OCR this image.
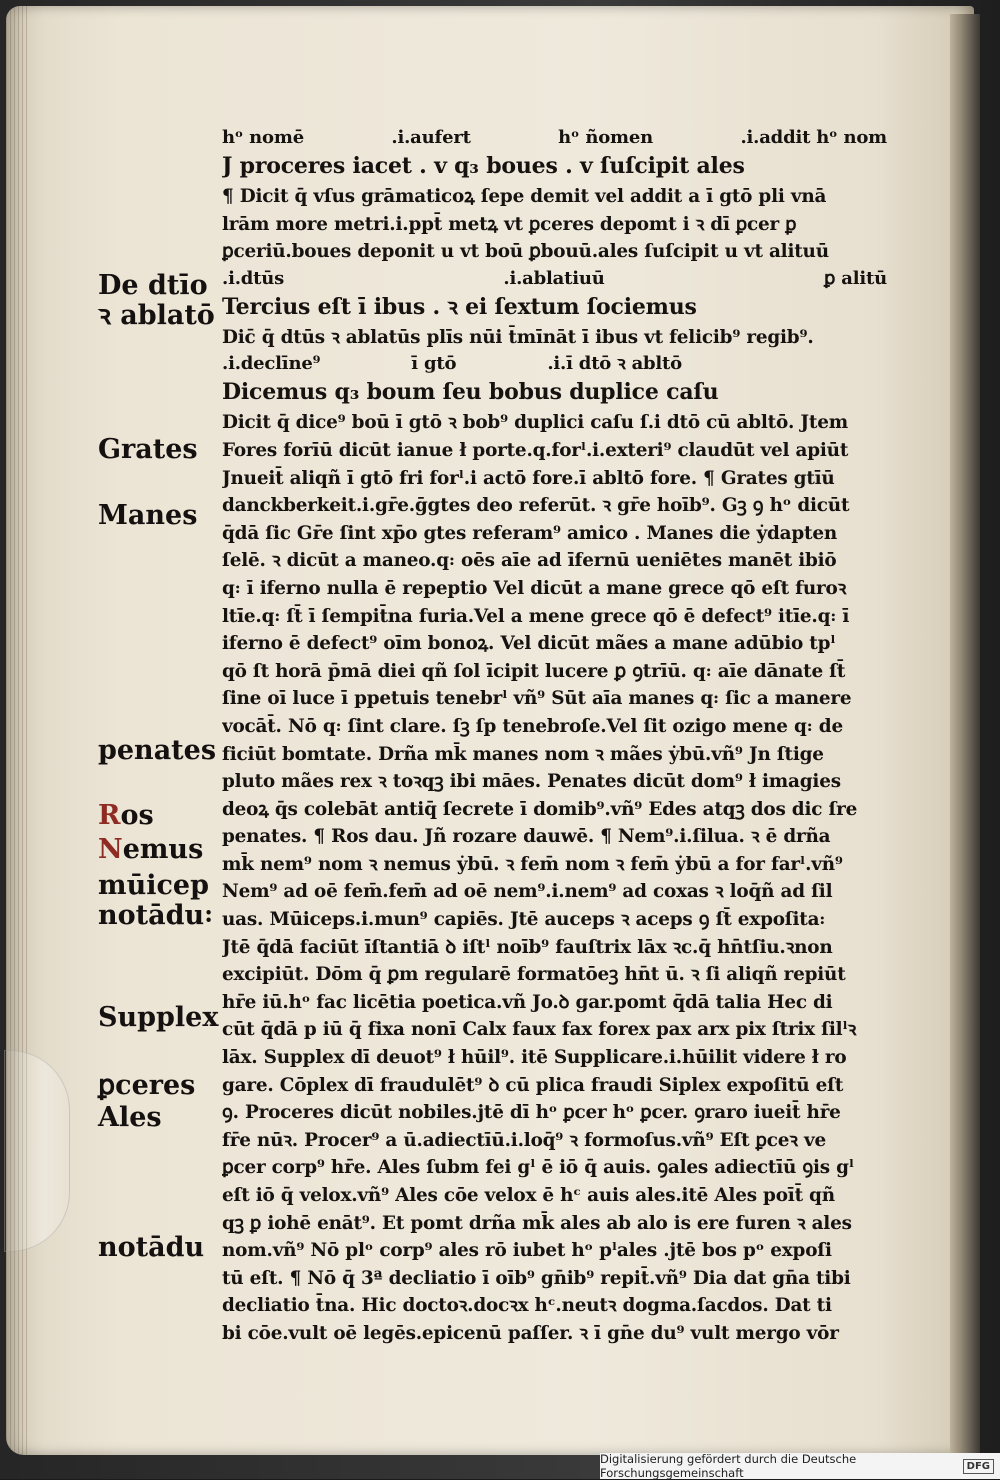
hᵒ nomē	.i.aufert	hᵒ ñomen	.i.addit hᵒ nom
J proceres iacet . v q₃ boues . v ſuſcipit ales
¶ Dicit q̄ vſus grāmaticoꝝ ſepe demit vel addit a ī gtō pli vnā
lrām more metri.i.ppt̄ metꝝ vt ꝑceres depomt i ꝛ dī ꝑcer ꝑ
ꝑceriū.boues deponit u vt boū ꝑbouū.ales ſuſcipit u vt alituū
.i.dtūs	.i.ablatiuū	ꝑ alitū
Tercius eſt ī ibus . ꝛ ei ſextum ſociemus
Dic̄ q̄ dtūs ꝛ ablatūs plīs nūi t̄mīnāt ī ibus vt felicib⁹ regib⁹.
.i.declīne⁹	ī gtō	.i.ī dtō ꝛ abltō
Dicemus q₃ boum ſeu bobus duplice caſu
Dicit q̄ dice⁹ boū ī gtō ꝛ bob⁹ duplici caſu ſ.i dtō cū abltō. Jtem
Fores forīū dicūt ianue ł porte.q.forˡ.i.exteri⁹ claudūt vel apiūt
Jnueit̄ aliqñ ī gtō fri forˡ.i actō fore.ī abltō fore. ¶ Grates gtīū
danckberkeit.i.gr̄e.ḡgtes deo referūt. ꝛ gr̄e hoīb⁹. Gꝫ ꝯ hᵒ dicūt
q̄dā ſic Gr̄e ſint xp̄o gtes referam⁹ amico . Manes die ẏdapten
ſelē. ꝛ dicūt a maneo.q꞉ oēs aīe ad īfernū ueniētes manēt ibiō
q꞉ ī iferno nulla ē repeptio Vel dicūt a mane grece qō eſt furoꝛ
ltīe.q꞉ ſt̄ ī ſempit̄na furia.Vel a mene grece qō ē defect⁹ itīe.q꞉ ī
iferno ē defect⁹ oīm bonoꝝ. Vel dicūt mães a mane adūbio tpˡ
qō ſt horā p̄mā diei qñ ſol īcipit lucere ꝑ ꝯtrīū. q꞉ aīe dānate ſt̄
ſine oī luce ī ppetuis tenebrˡ vñ⁹ Sūt aīa manes q꞉ ſic a manere
vocāt̄. Nō q꞉ ſint clare. ſꝫ ſp tenebroſe.Vel ſit ozigo mene q꞉ de
ficiūt bomtate. Drña mk̄ manes nom ꝛ mães ẏbū.vñ⁹ Jn ſtige
pluto mães rex ꝛ toꝛqꝫ ibi māes. Penates dicūt dom⁹ ł imagies
deoꝝ q̄s colebāt antiq̄ ſecrete ī domib⁹.vñ⁹ Edes atqꝫ dos dic ſre
penates. ¶ Ros dau. Jñ rozare dauwē. ¶ Nem⁹.i.ſilua. ꝛ ē drña
mk̄ nem⁹ nom ꝛ nemus ẏbū. ꝛ fem̄ nom ꝛ fem̄ ẏbū a for farˡ.vñ⁹
Nem⁹ ad oē fem̄.fem̄ ad oē nem⁹.i.nem⁹ ad coxas ꝛ loq̄ñ ad ſil
uas. Mūiceps.i.mun⁹ capiēs. Jtē auceps ꝛ aceps ꝯ ſt̄ expoſita꞉
Jtē q̄dā faciūt īſtantiā ꝺ iſtˡ noīb⁹ fauſtrix lāx ꝛc.q̄ hn̄tſiu.ꝛnon
excipiūt. Dōm q̄ ꝑm regularē formatōeꝫ hn̄t ū. ꝛ ſi aliqñ repiūt
hr̄e iū.hᵒ fac licētia poetica.vñ Jo.ꝺ gar.pomt q̄dā talia Hec di
cūt q̄dā p iū q̄ fixa nonī Calx faux fax forex pax arx pix ſtrix ſilˡꝛ
lāx. Supplex dī deuot⁹ ł hūil⁹. itē Supplicare.i.hūilit videre ł ro
gare. Cōplex dī fraudulēt⁹ ꝺ cū plica fraudi Siplex expoſitū eſt
ꝯ. Proceres dicūt nobiles.jtē dī hᵒ ꝑcer hᵒ ꝑcer. ꝯraro iueit̄ hr̄e
fr̄e nūꝛ. Procer⁹ a ū.adiectīū.i.loq̄⁹ ꝛ formoſus.vñ⁹ Eſt ꝑceꝛ ve
ꝑcer corp⁹ hr̄e. Ales ſubm fei gˡ ē iō q̄ auis. ꝯales adiectīū ꝯis gˡ
eſt iō q̄ velox.vñ⁹ Ales cōe velox ē hᶜ auis ales.itē Ales poīt̄ qñ
qꝫ ꝑ iohē enāt⁹. Et pomt drña mk̄ ales ab alo is ere furen ꝛ ales
nom.vñ⁹ Nō plᵒ corp⁹ ales rō iubet hᵒ pˡales .jtē bos pᵒ expoſi
tū eſt. ¶ Nō q̄ 3ª decliatio ī oīb⁹ gn̄ib⁹ repit̄.vñ⁹ Dia dat gn̄a tibi
decliatio t̄na. Hic doctoꝛ.docꝛx hᶜ.neutꝛ dogma.ſacdos. Dat ti
bi cōe.vult oē legēs.epicenū paſſer. ꝛ ī gn̄e du⁹ vult mergo vōr
De dtīo
ꝛ ablatō
Grates
Manes
penates
Ros
Nemus
mūicep
notādu꞉
Supplex
ꝑceres
Ales
notādu
Digitalisierung gefördert durch die Deutsche Forschungsgemeinschaft	DFG
